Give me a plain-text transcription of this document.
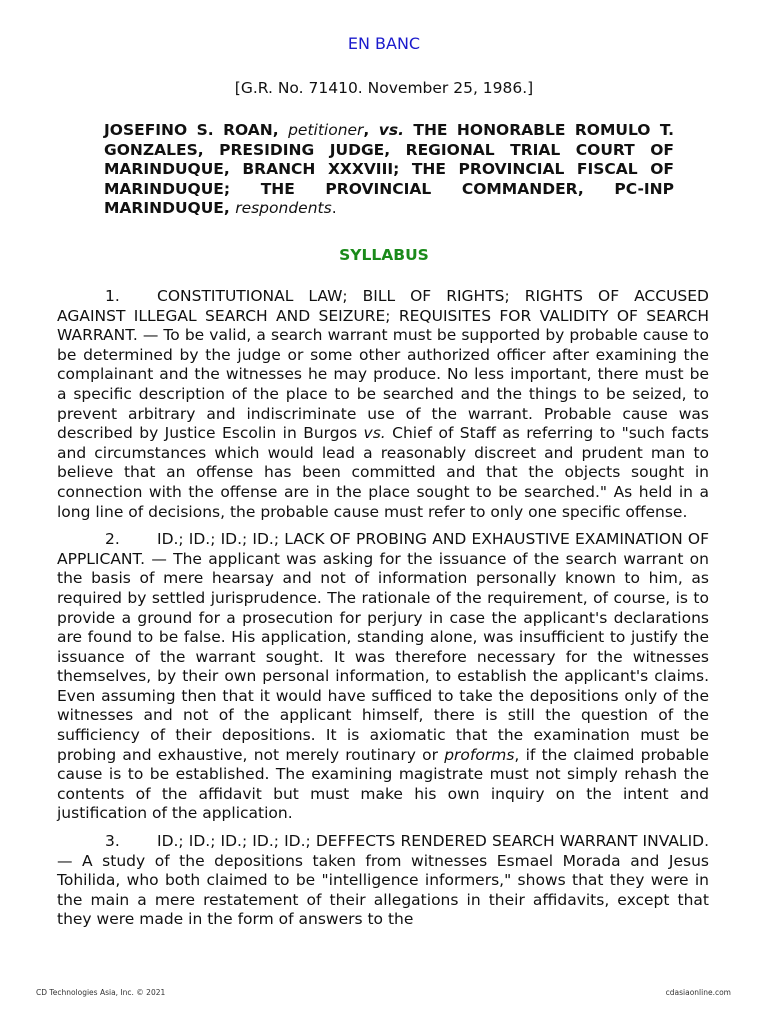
EN BANC
[G.R. No. 71410. November 25, 1986.]
JOSEFINO S. ROAN, petitioner, vs. THE HONORABLE ROMULO T. GONZALES, PRESIDING JUDGE, REGIONAL TRIAL COURT OF MARINDUQUE, BRANCH XXXVIII; THE PROVINCIAL FISCAL OF MARINDUQUE; THE PROVINCIAL COMMANDER, PC-INP MARINDUQUE, respondents.
SYLLABUS

1. CONSTITUTIONAL LAW; BILL OF RIGHTS; RIGHTS OF ACCUSED AGAINST ILLEGAL SEARCH AND SEIZURE; REQUISITES FOR VALIDITY OF SEARCH WARRANT. — To be valid, a search warrant must be supported by probable cause to be determined by the judge or some other authorized officer after examining the complainant and the witnesses he may produce. No less important, there must be a specific description of the place to be searched and the things to be seized, to prevent arbitrary and indiscriminate use of the warrant. Probable cause was described by Justice Escolin in Burgos vs. Chief of Staff as referring to "such facts and circumstances which would lead a reasonably discreet and prudent man to believe that an offense has been committed and that the objects sought in connection with the offense are in the place sought to be searched." As held in a long line of decisions, the probable cause must refer to only one specific offense.

2. ID.; ID.; ID.; ID.; LACK OF PROBING AND EXHAUSTIVE EXAMINATION OF APPLICANT. — The applicant was asking for the issuance of the search warrant on the basis of mere hearsay and not of information personally known to him, as required by settled jurisprudence. The rationale of the requirement, of course, is to provide a ground for a prosecution for perjury in case the applicant's declarations are found to be false. His application, standing alone, was insufficient to justify the issuance of the warrant sought. It was therefore necessary for the witnesses themselves, by their own personal information, to establish the applicant's claims. Even assuming then that it would have sufficed to take the depositions only of the witnesses and not of the applicant himself, there is still the question of the sufficiency of their depositions. It is axiomatic that the examination must be probing and exhaustive, not merely routinary or proforms, if the claimed probable cause is to be established. The examining magistrate must not simply rehash the contents of the affidavit but must make his own inquiry on the intent and justification of the application.

3. ID.; ID.; ID.; ID.; ID.; DEFFECTS RENDERED SEARCH WARRANT INVALID. — A study of the depositions taken from witnesses Esmael Morada and Jesus Tohilida, who both claimed to be "intelligence informers," shows that they were in the main a mere restatement of their allegations in their affidavits, except that they were made in the form of answers to the

CD Technologies Asia, Inc. © 2021	cdasiaonline.com
